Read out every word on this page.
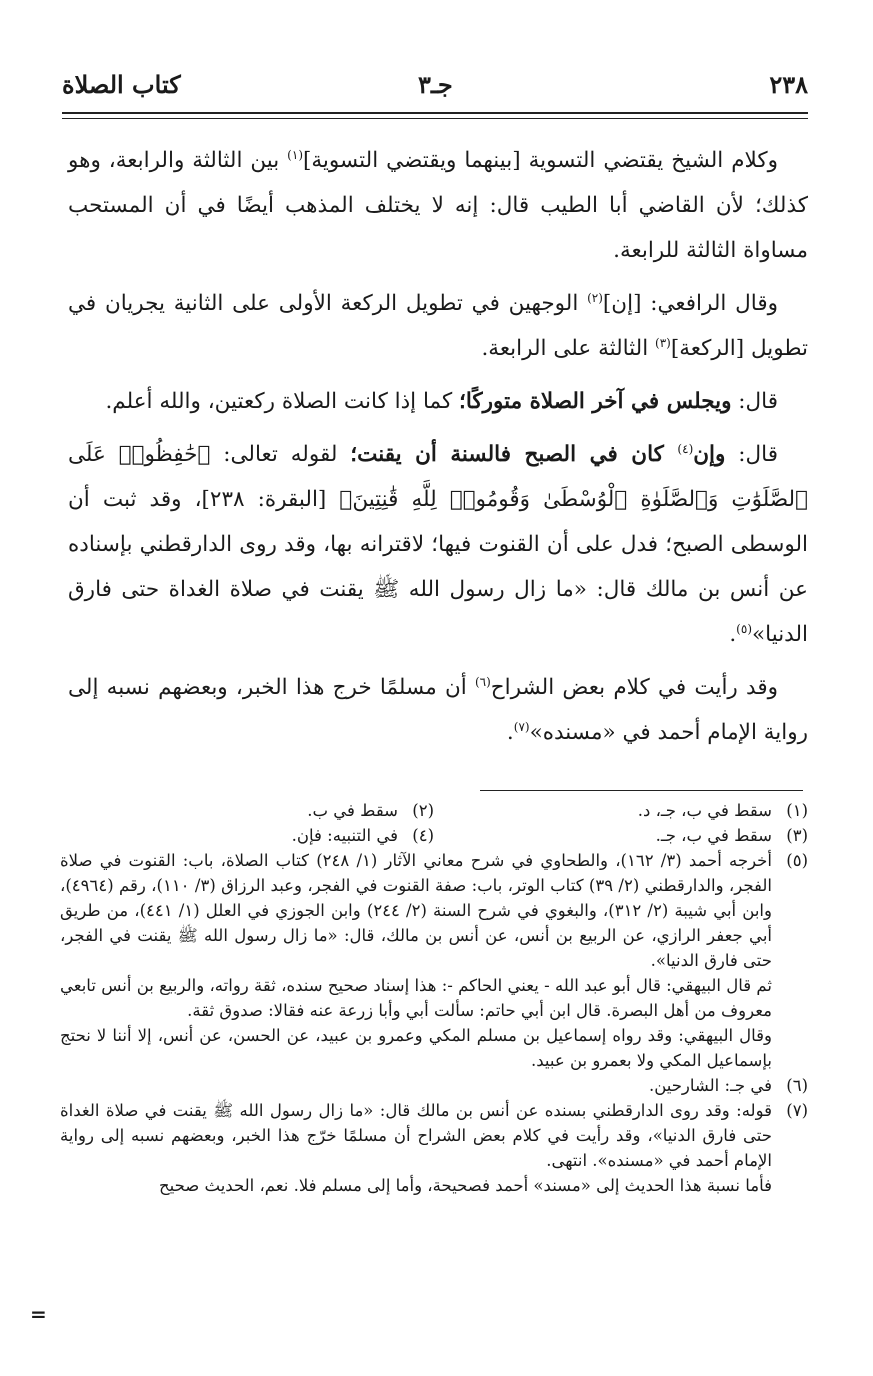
٢٣٨
جـ٣
كتاب الصلاة

وكلام الشيخ يقتضي التسوية [بينهما ويقتضي التسوية]$^{(١)}$ بين الثالثة والرابعة، وهو كذلك؛ لأن القاضي أبا الطيب قال: إنه لا يختلف المذهب أيضًا في أن المستحب مساواة الثالثة للرابعة.

وقال الرافعي: [إن]$^{(٢)}$ الوجهين في تطويل الركعة الأولى على الثانية يجريان في تطويل [الركعة]$^{(٣)}$ الثالثة على الرابعة.

قال: ويجلس في آخر الصلاة متوركًا؛ كما إذا كانت الصلاة ركعتين، والله أعلم.

قال: وإن$^{(٤)}$ كان في الصبح فالسنة أن يقنت؛ لقوله تعالى: ﴿حَٰفِظُوا۟ عَلَى ٱلصَّلَوَٰتِ وَٱلصَّلَوٰةِ ٱلْوُسْطَىٰ وَقُومُوا۟ لِلَّهِ قَٰنِتِينَ﴾ [البقرة: ٢٣٨]، وقد ثبت أن الوسطى الصبح؛ فدل على أن القنوت فيها؛ لاقترانه بها، وقد روى الدارقطني بإسناده عن أنس بن مالك قال: «ما زال رسول الله ﷺ يقنت في صلاة الغداة حتى فارق الدنيا»$^{(٥)}$.

وقد رأيت في كلام بعض الشراح$^{(٦)}$ أن مسلمًا خرج هذا الخبر، وبعضهم نسبه إلى رواية الإمام أحمد في «مسنده»$^{(٧)}$.

(١)
سقط في ب، جـ، د.
(٢)
سقط في ب.
(٣)
سقط في ب، جـ.
(٤)
في التنبيه: فإن.
(٥)
أخرجه أحمد (٣/ ١٦٢)، والطحاوي في شرح معاني الآثار (١/ ٢٤٨) كتاب الصلاة، باب: القنوت في صلاة الفجر، والدارقطني (٢/ ٣٩) كتاب الوتر، باب: صفة القنوت في الفجر، وعبد الرزاق (٣/ ١١٠)، رقم (٤٩٦٤)، وابن أبي شيبة (٢/ ٣١٢)، والبغوي في شرح السنة (٢/ ٢٤٤) وابن الجوزي في العلل (١/ ٤٤١)، من طريق أبي جعفر الرازي، عن الربيع بن أنس، عن أنس بن مالك، قال: «ما زال رسول الله ﷺ يقنت في الفجر، حتى فارق الدنيا».
ثم قال البيهقي: قال أبو عبد الله - يعني الحاكم -: هذا إسناد صحيح سنده، ثقة رواته، والربيع بن أنس تابعي معروف من أهل البصرة. قال ابن أبي حاتم: سألت أبي وأبا زرعة عنه فقالا: صدوق ثقة.
وقال البيهقي: وقد رواه إسماعيل بن مسلم المكي وعمرو بن عبيد، عن الحسن، عن أنس، إلا أننا لا نحتج بإسماعيل المكي ولا بعمرو بن عبيد.
(٦)
في جـ: الشارحين.
(٧)
قوله: وقد روى الدارقطني بسنده عن أنس بن مالك قال: «ما زال رسول الله ﷺ يقنت في صلاة الغداة حتى فارق الدنيا»، وقد رأيت في كلام بعض الشراح أن مسلمًا خرّج هذا الخبر، وبعضهم نسبه إلى رواية الإمام أحمد في «مسنده». انتهى.
فأما نسبة هذا الحديث إلى «مسند» أحمد فصحيحة، وأما إلى مسلم فلا. نعم، الحديث صحيح
=
